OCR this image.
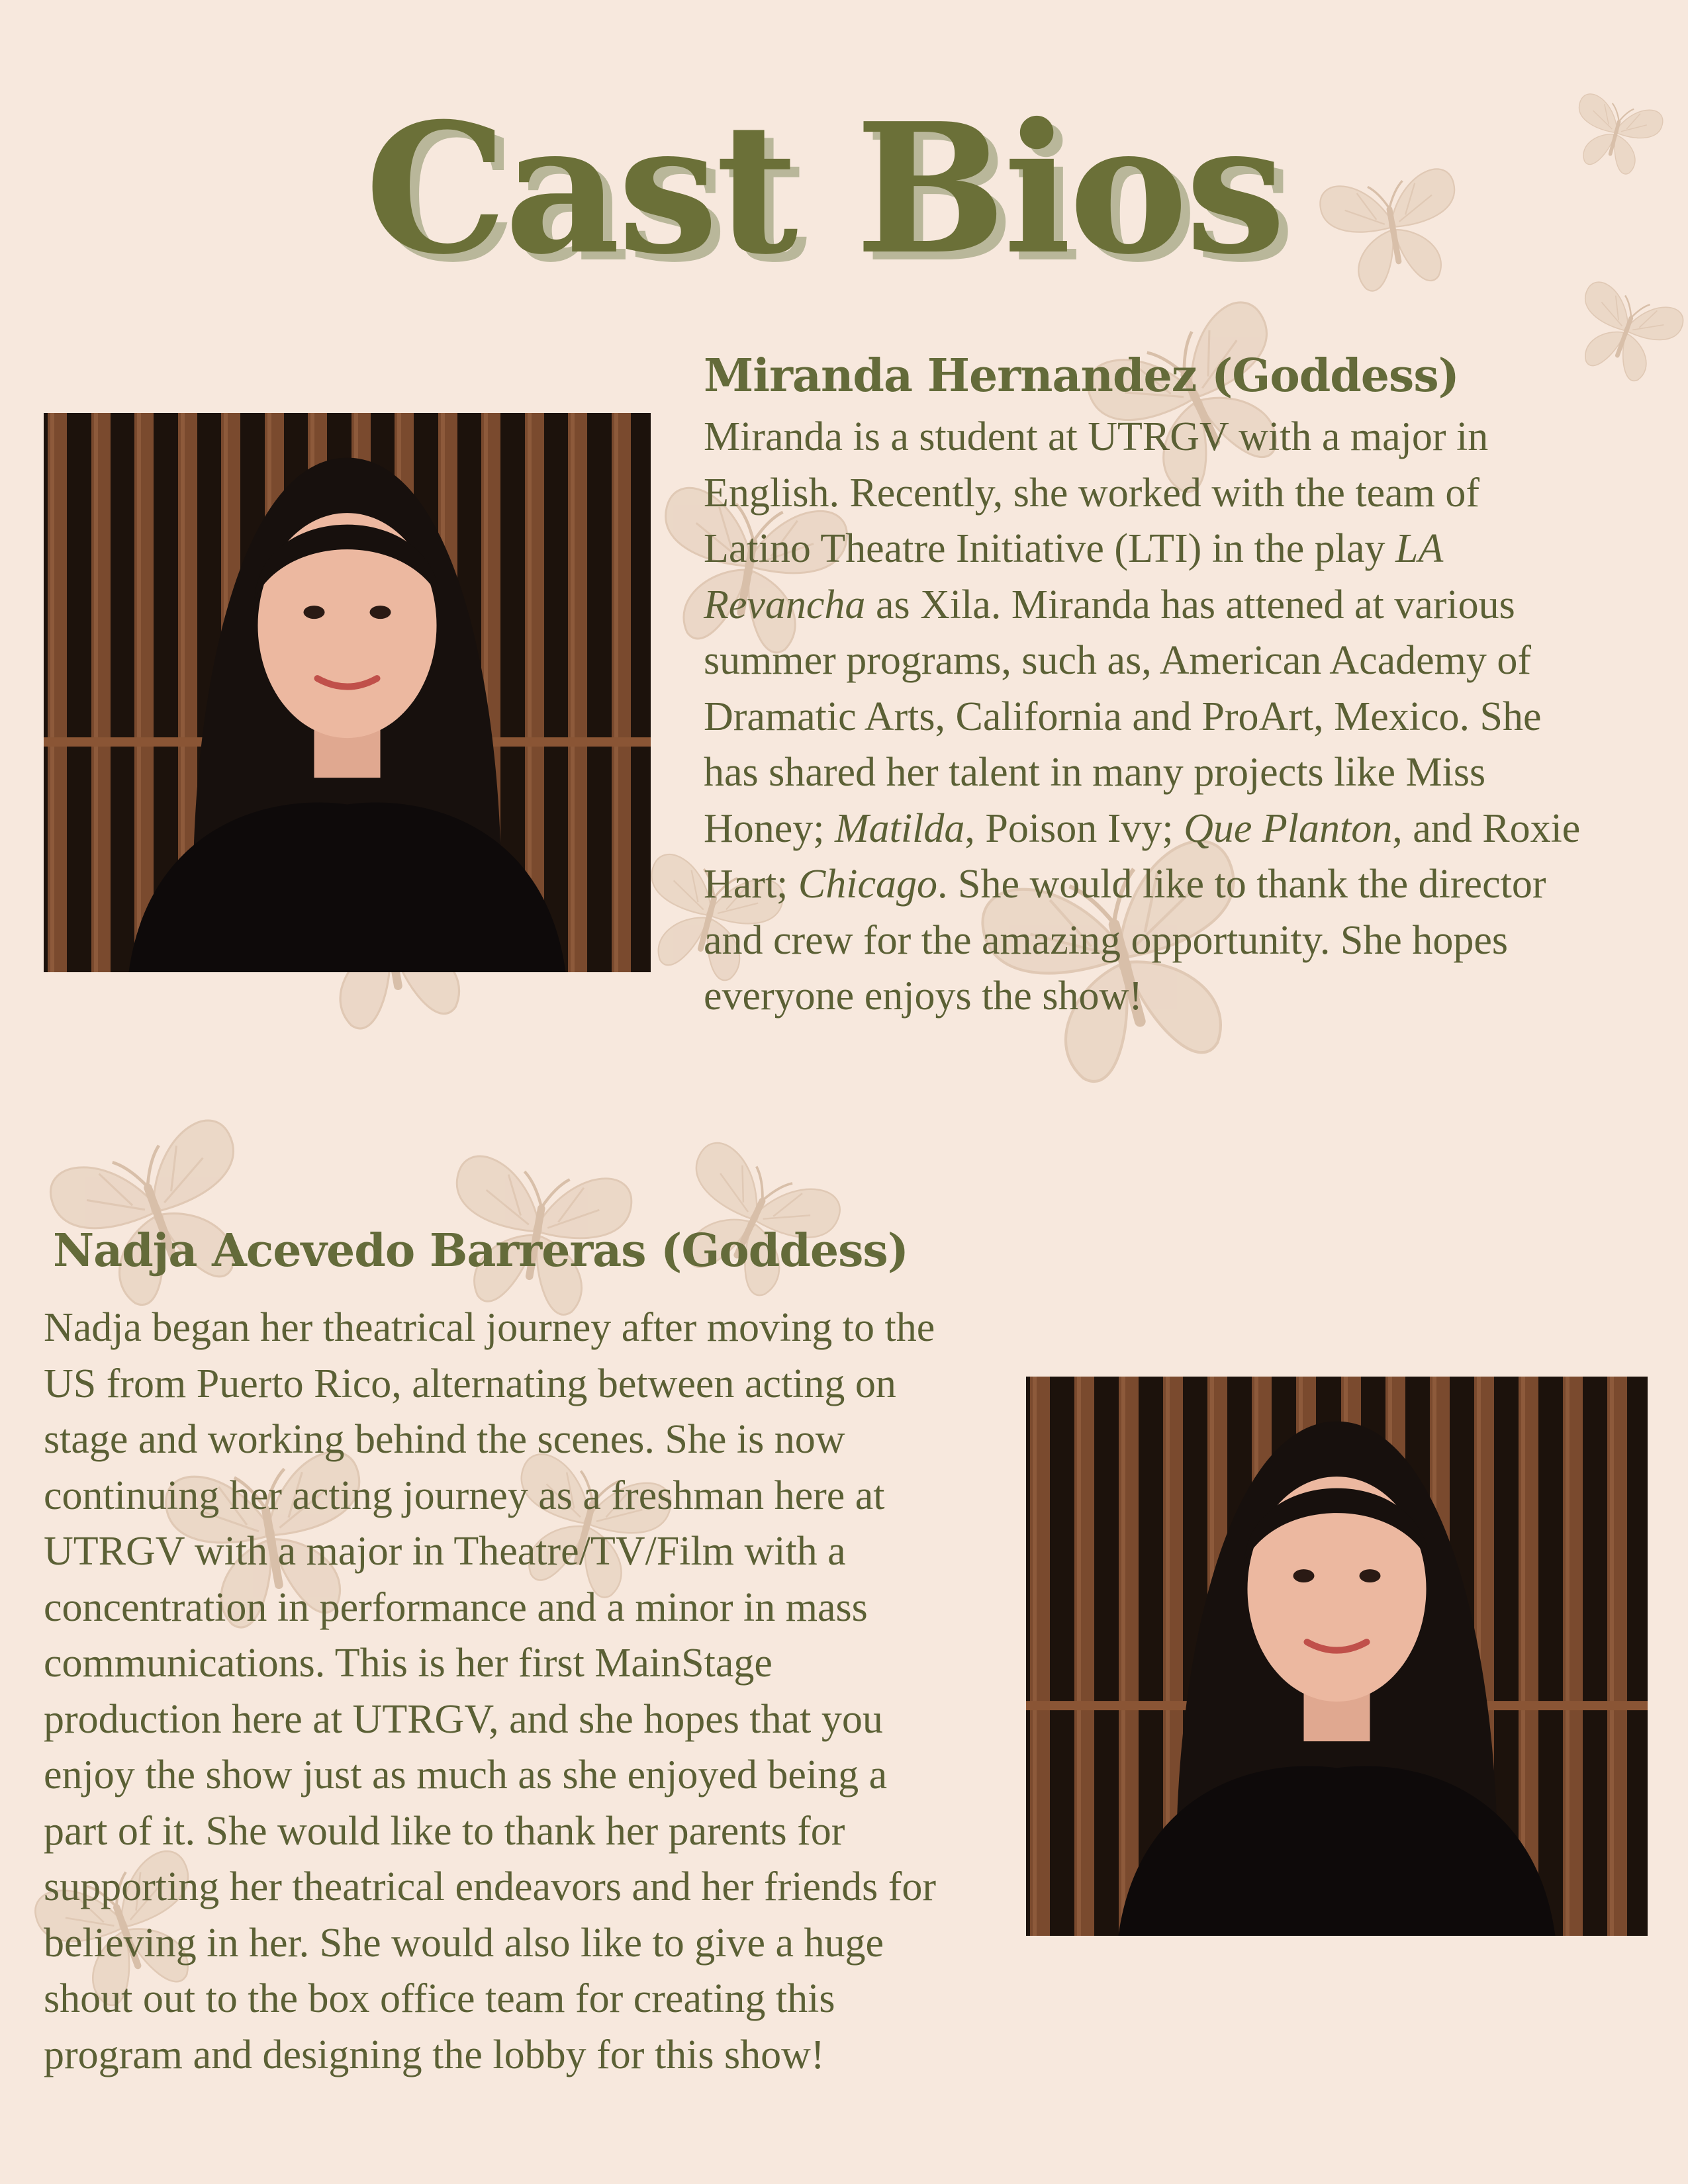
Cast Bios
Miranda Hernandez (Goddess)

Miranda is a student at UTRGV with a major in
English. Recently, she worked with the team of
Latino Theatre Initiative (LTI) in the play LA
Revancha as Xila. Miranda has attened at various
summer programs, such as, American Academy of
Dramatic Arts, California and ProArt, Mexico. She
has shared her talent in many projects like Miss
Honey; Matilda, Poison Ivy; Que Planton, and Roxie
Hart; Chicago. She would like to thank the director
and crew for the amazing opportunity. She hopes
everyone enjoys the show!

Nadja Acevedo Barreras (Goddess)

Nadja began her theatrical journey after moving to the
US from Puerto Rico, alternating between acting on
stage and working behind the scenes. She is now
continuing her acting journey as a freshman here at
UTRGV with a major in Theatre/TV/Film with a
concentration in performance and a minor in mass
communications. This is her first MainStage
production here at UTRGV, and she hopes that you
enjoy the show just as much as she enjoyed being a
part of it. She would like to thank her parents for
supporting her theatrical endeavors and her friends for
believing in her. She would also like to give a huge
shout out to the box office team for creating this
program and designing the lobby for this show!
